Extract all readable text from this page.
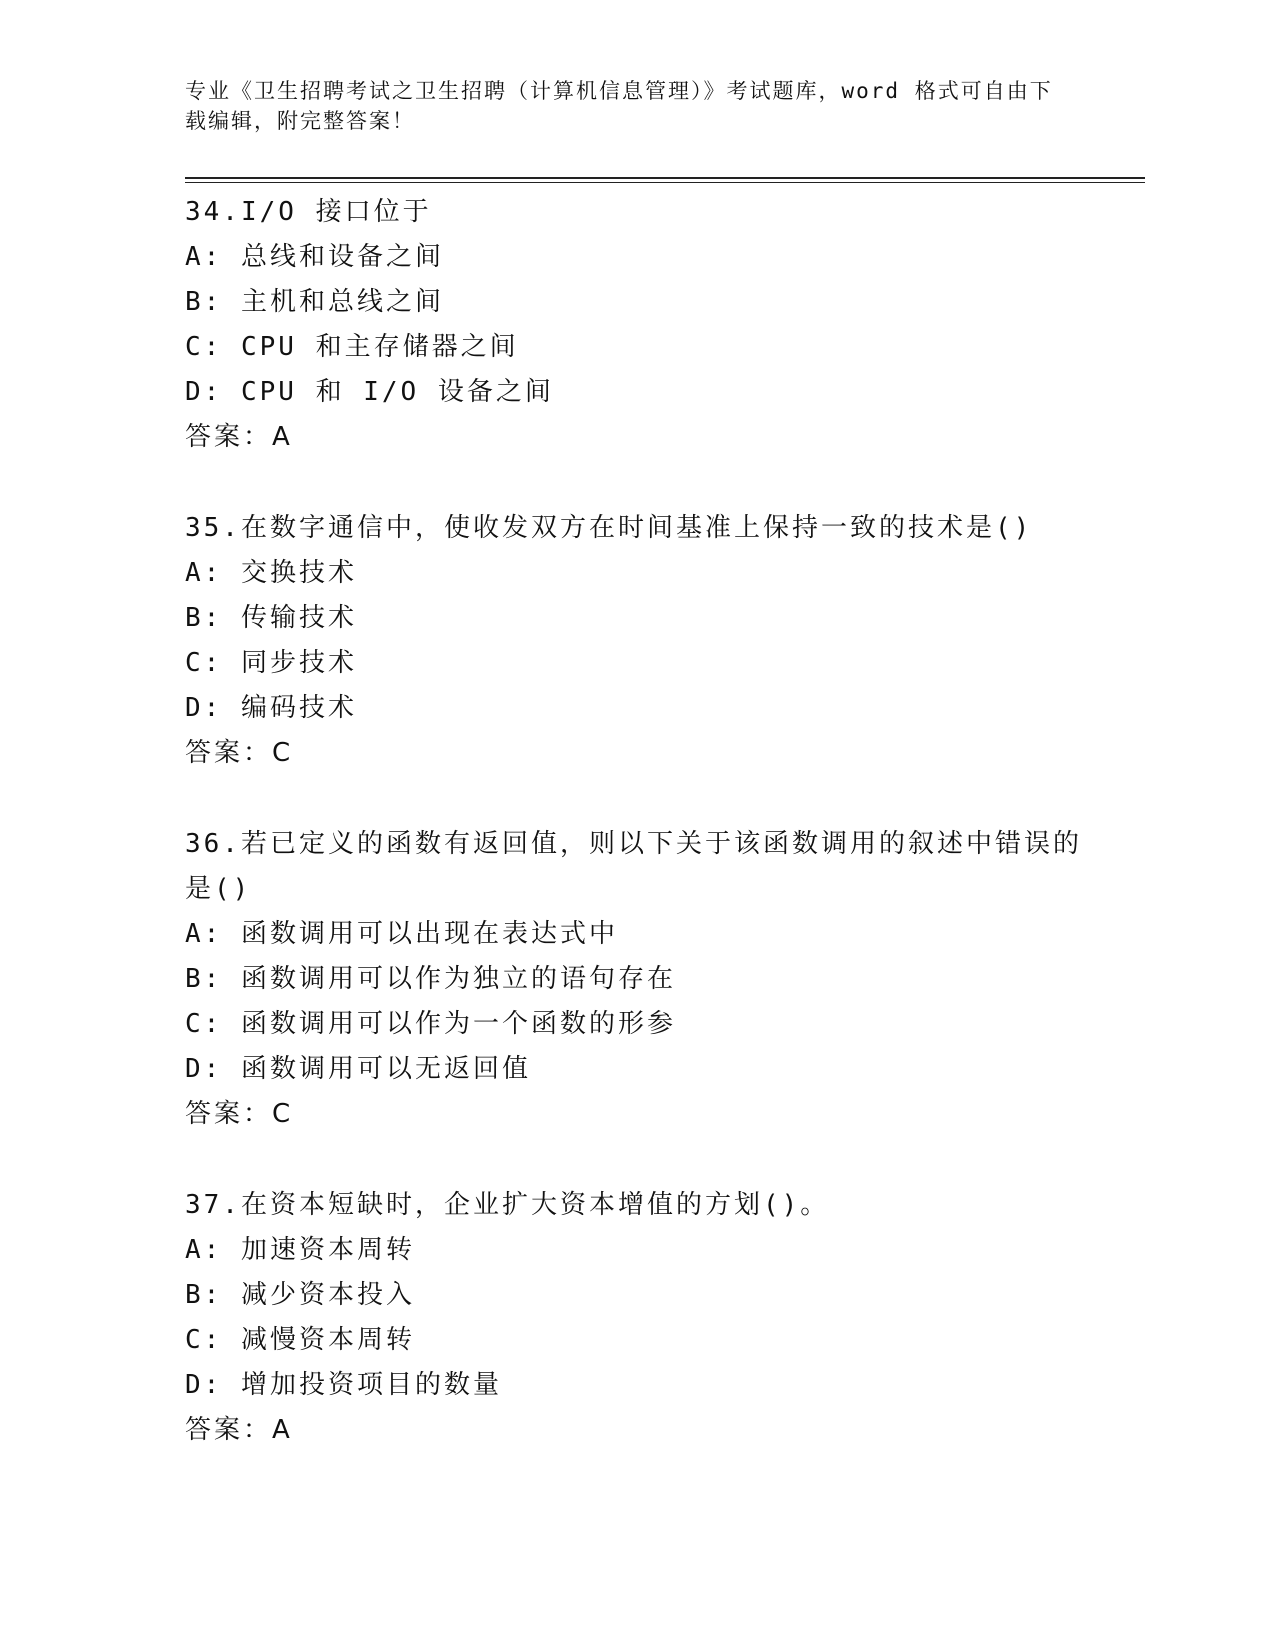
专业《卫生招聘考试之卫生招聘（计算机信息管理）》考试题库，word 格式可自由下载编辑，附完整答案！
34.I/O 接口位于
A: 总线和设备之间
B: 主机和总线之间
C: CPU 和主存储器之间
D: CPU 和 I/O 设备之间
答案：A
35.在数字通信中，使收发双方在时间基准上保持一致的技术是()
A: 交换技术
B: 传输技术
C: 同步技术
D: 编码技术
答案：C
36.若已定义的函数有返回值，则以下关于该函数调用的叙述中错误的是()
A: 函数调用可以出现在表达式中
B: 函数调用可以作为独立的语句存在
C: 函数调用可以作为一个函数的形参
D: 函数调用可以无返回值
答案：C
37.在资本短缺时，企业扩大资本增值的方划()。
A: 加速资本周转
B: 减少资本投入
C: 减慢资本周转
D: 增加投资项目的数量
答案：A
